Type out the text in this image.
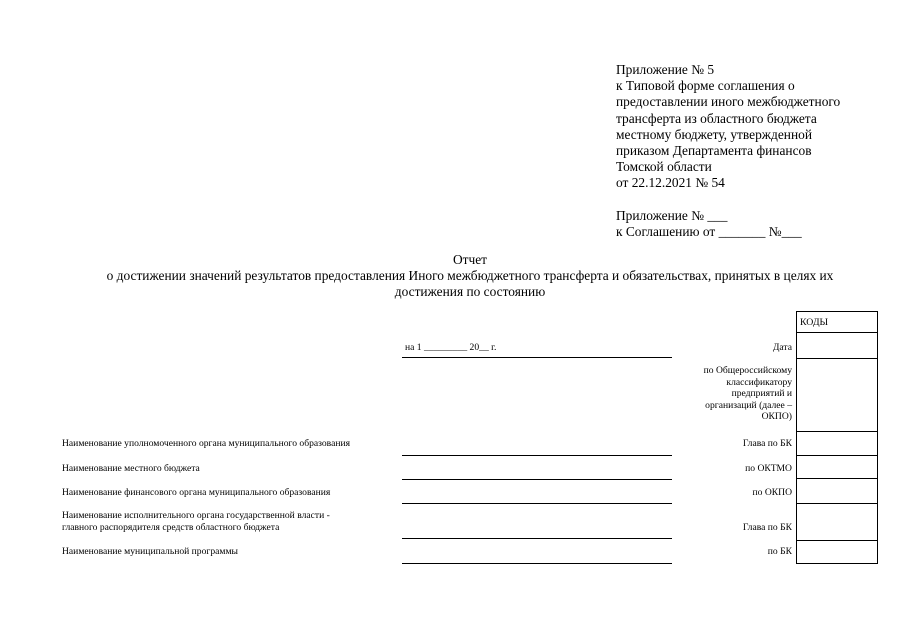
Приложение № 5
к Типовой форме соглашения о
предоставлении иного межбюджетного
трансферта из областного бюджета
местному бюджету, утвержденной
приказом Департамента финансов
Томской области
от 22.12.2021 № 54
Приложение № ___
к Соглашению от _______ №___
Отчет
о достижении значений результатов предоставления Иного межбюджетного трансферта и обязательствах, принятых в целях их
достижения по состоянию
КОДЫ
на 1 _________ 20__ г.	Дата
по Общероссийскому классификатору предприятий и организаций (далее – ОКПО)
Глава по БК
по ОКТМО
по ОКПО
Глава по БК
по БК
Наименование уполномоченного органа муниципального образования
Наименование местного бюджета
Наименование финансового органа муниципального образования
Наименование исполнительного органа государственной власти -
главного распорядителя средств областного бюджета
Наименование муниципальной программы
